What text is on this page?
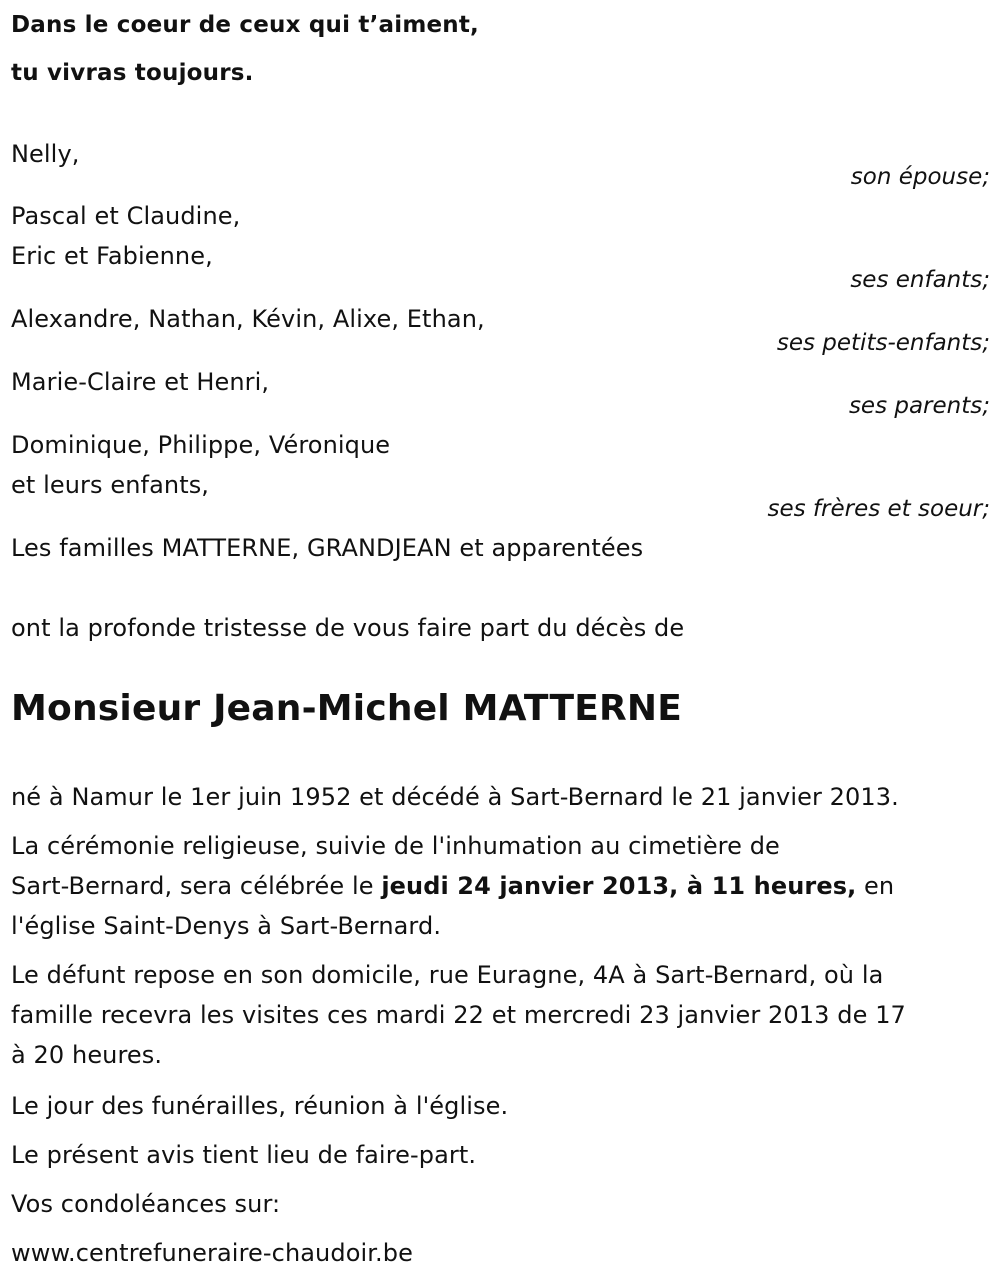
Dans le coeur de ceux qui t’aiment,
tu vivras toujours.
Nelly,
son épouse;
Pascal et Claudine,
Eric et Fabienne,
ses enfants;
Alexandre, Nathan, Kévin, Alixe, Ethan,
ses petits-enfants;
Marie-Claire et Henri,
ses parents;
Dominique, Philippe, Véronique
et leurs enfants,
ses frères et soeur;
Les familles MATTERNE, GRANDJEAN et apparentées
ont la profonde tristesse de vous faire part du décès de
Monsieur Jean-Michel MATTERNE
né à Namur le 1er juin 1952 et décédé à Sart-Bernard le 21 janvier 2013.
La cérémonie religieuse, suivie de l'inhumation au cimetière de
Sart-Bernard, sera célébrée le jeudi 24 janvier 2013, à 11 heures, en
l'église Saint-Denys à Sart-Bernard.
Le défunt repose en son domicile, rue Euragne, 4A à Sart-Bernard, où la
famille recevra les visites ces mardi 22 et mercredi 23 janvier 2013 de 17
à 20 heures.
Le jour des funérailles, réunion à l'église.
Le présent avis tient lieu de faire-part.
Vos condoléances sur:
www.centrefuneraire-chaudoir.be
